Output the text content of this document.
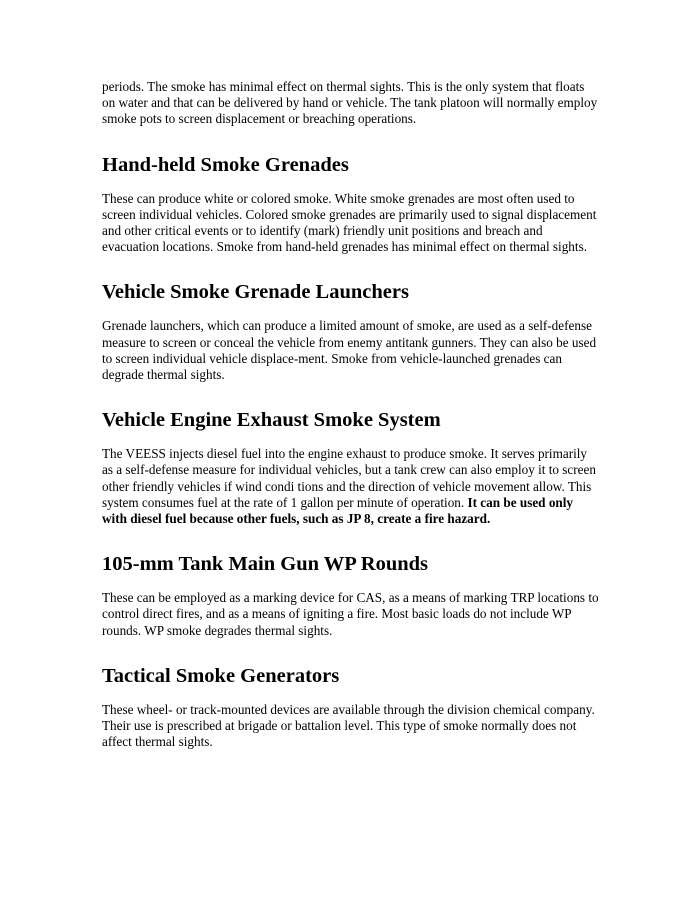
periods. The smoke has minimal effect on thermal sights. This is the only system that floats on water and that can be delivered by hand or vehicle. The tank platoon will normally employ smoke pots to screen displacement or breaching operations.

Hand-held Smoke Grenades

These can produce white or colored smoke. White smoke grenades are most often used to screen individual vehicles. Colored smoke grenades are primarily used to signal displacement and other critical events or to identify (mark) friendly unit positions and breach and evacuation locations. Smoke from hand-held grenades has minimal effect on thermal sights.

Vehicle Smoke Grenade Launchers

Grenade launchers, which can produce a limited amount of smoke, are used as a self-defense measure to screen or conceal the vehicle from enemy antitank gunners. They can also be used to screen individual vehicle displace-ment. Smoke from vehicle-launched grenades can degrade thermal sights.

Vehicle Engine Exhaust Smoke System

The VEESS injects diesel fuel into the engine exhaust to produce smoke. It serves primarily as a self-defense measure for individual vehicles, but a tank crew can also employ it to screen other friendly vehicles if wind condi tions and the direction of vehicle movement allow. This system consumes fuel at the rate of 1 gallon per minute of operation. It can be used only with diesel fuel because other fuels, such as JP 8, create a fire hazard.

105-mm Tank Main Gun WP Rounds

These can be employed as a marking device for CAS, as a means of marking TRP locations to control direct fires, and as a means of igniting a fire. Most basic loads do not include WP rounds. WP smoke degrades thermal sights.

Tactical Smoke Generators

These wheel- or track-mounted devices are available through the division chemical company. Their use is prescribed at brigade or battalion level. This type of smoke normally does not affect thermal sights.
